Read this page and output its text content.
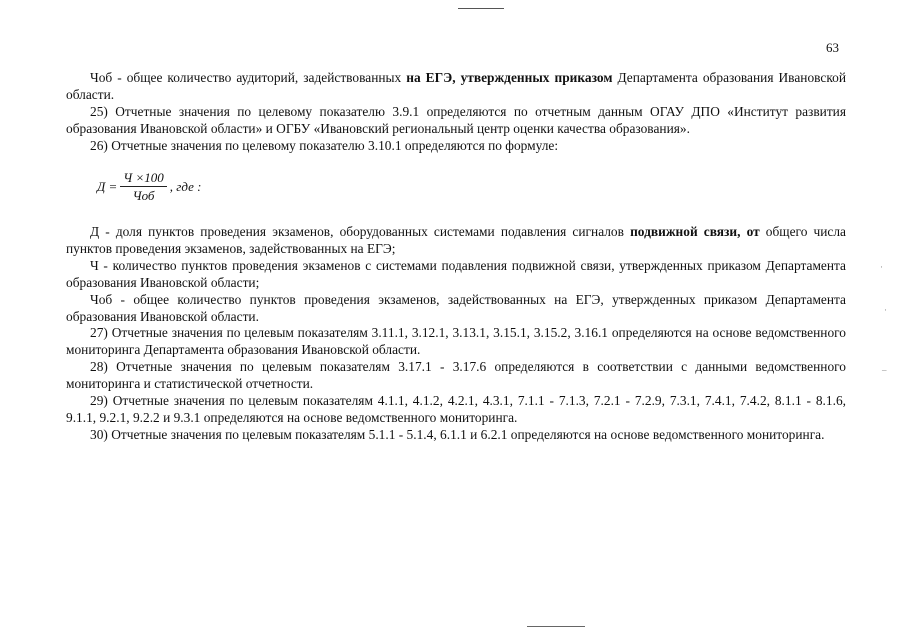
63

Чоб - общее количество аудиторий, задействованных на ЕГЭ, утвержденных приказом Департамента образования Ивановской области.

25) Отчетные значения по целевому показателю 3.9.1 определяются по отчетным данным ОГАУ ДПО «Институт развития образования Ивановской области» и ОГБУ «Ивановский региональный центр оценки качества образования».

26) Отчетные значения по целевому показателю 3.10.1 определяются по формуле:

$Д = \frac{Ч \times 100}{\text{Чоб}}$ , где :

Д - доля пунктов проведения экзаменов, оборудованных системами подавления сигналов подвижной связи, от общего числа пунктов проведения экзаменов, задействованных на ЕГЭ;

Ч - количество пунктов проведения экзаменов с системами подавления подвижной связи, утвержденных приказом Департамента образования Ивановской области;

Чоб - общее количество пунктов проведения экзаменов, задействованных на ЕГЭ, утвержденных приказом Департамента образования Ивановской области.

27) Отчетные значения по целевым показателям 3.11.1, 3.12.1, 3.13.1, 3.15.1, 3.15.2, 3.16.1 определяются на основе ведомственного мониторинга Департамента образования Ивановской области.

28) Отчетные значения по целевым показателям 3.17.1 - 3.17.6 определяются в соответствии с данными ведомственного мониторинга и статистической отчетности.

29) Отчетные значения по целевым показателям 4.1.1, 4.1.2, 4.2.1, 4.3.1, 7.1.1 - 7.1.3, 7.2.1 - 7.2.9, 7.3.1, 7.4.1, 7.4.2, 8.1.1 - 8.1.6, 9.1.1, 9.2.1, 9.2.2 и 9.3.1 определяются на основе ведомственного мониторинга.

30) Отчетные значения по целевым показателям 5.1.1 - 5.1.4, 6.1.1 и 6.2.1 определяются на основе ведомственного мониторинга.

·
·
–
